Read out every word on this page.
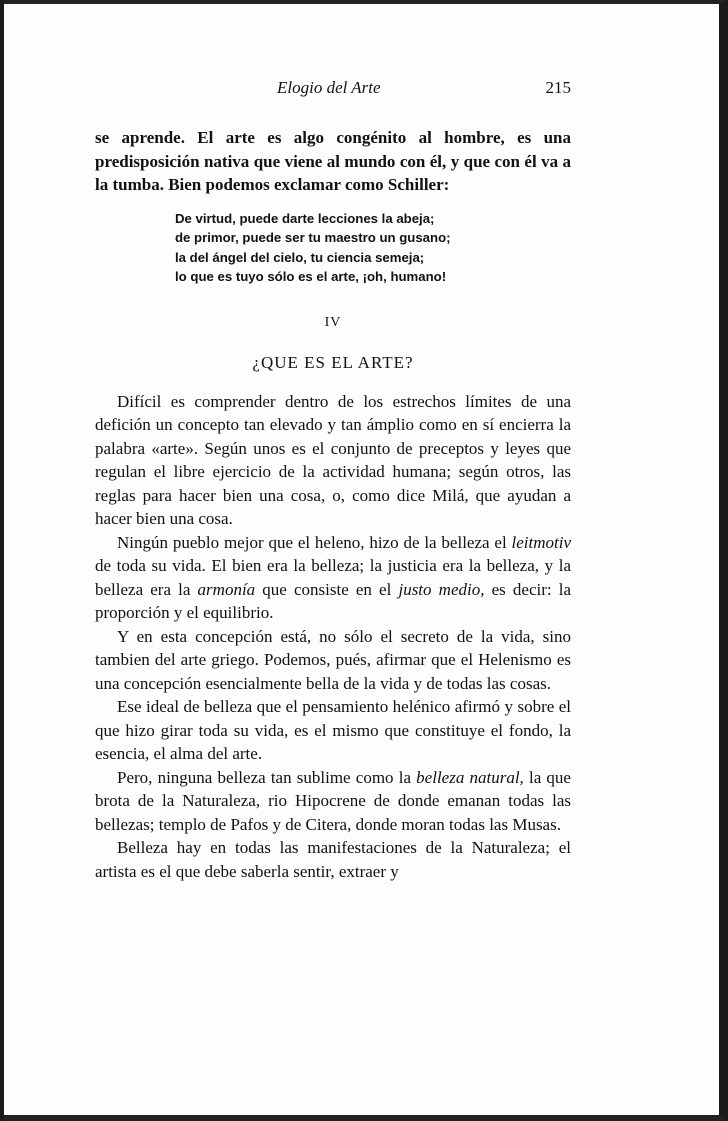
Elogio del Arte	215

se aprende. El arte es algo congénito al hombre, es una predisposición nativa que viene al mundo con él, y que con él va a la tumba. Bien podemos exclamar como Schiller:

De virtud, puede darte lecciones la abeja;
de primor, puede ser tu maestro un gusano;
la del ángel del cielo, tu ciencia semeja;
lo que es tuyo sólo es el arte, ¡oh, humano!
IV
¿QUE ES EL ARTE?

Difícil es comprender dentro de los estrechos límites de una defición un concepto tan elevado y tan ámplio como en sí encierra la palabra «arte». Según unos es el conjunto de preceptos y leyes que regulan el libre ejercicio de la actividad humana; según otros, las reglas para hacer bien una cosa, o, como dice Milá, que ayudan a hacer bien una cosa.

Ningún pueblo mejor que el heleno, hizo de la belleza el leitmotiv de toda su vida. El bien era la belleza; la justicia era la belleza, y la belleza era la armonía que consiste en el justo medio, es decir: la proporción y el equilibrio.

Y en esta concepción está, no sólo el secreto de la vida, sino tambien del arte griego. Podemos, pués, afirmar que el Helenismo es una concepción esencialmente bella de la vida y de todas las cosas.

Ese ideal de belleza que el pensamiento helénico afirmó y sobre el que hizo girar toda su vida, es el mismo que constituye el fondo, la esencia, el alma del arte.

Pero, ninguna belleza tan sublime como la belleza natural, la que brota de la Naturaleza, rio Hipocrene de donde emanan todas las bellezas; templo de Pafos y de Citera, donde moran todas las Musas.

Belleza hay en todas las manifestaciones de la Naturaleza; el artista es el que debe saberla sentir, extraer y
